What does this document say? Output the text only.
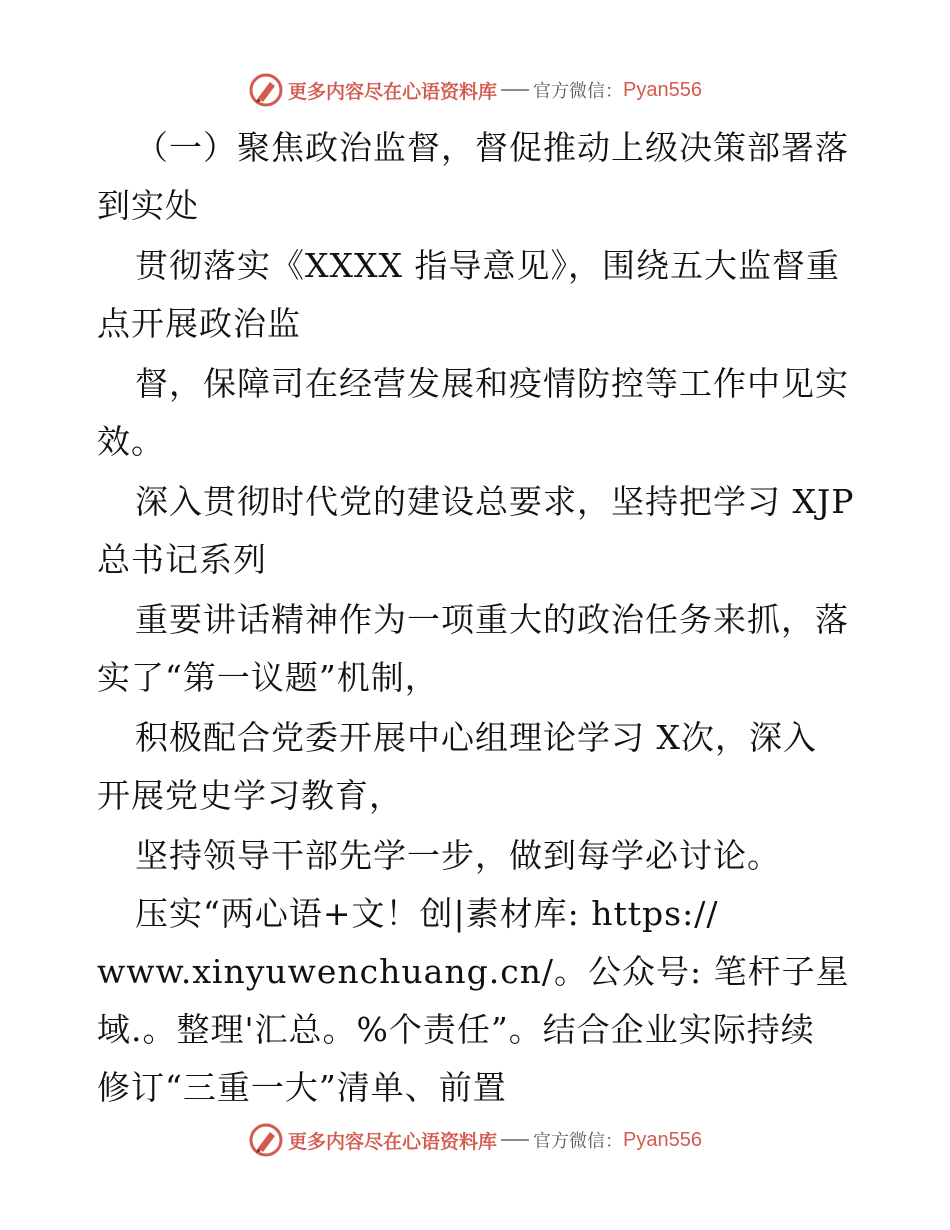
更多内容尽在心语资料库 官方微信： Pyan556
（一）聚焦政治监督，督促推动上级决策部署落
到实处
贯彻落实《XXXX 指导意见》，围绕五大监督重
点开展政治监
督，保障司在经营发展和疫情防控等工作中见实
效。
深入贯彻时代党的建设总要求，坚持把学习 XJP
总书记系列
重要讲话精神作为一项重大的政治任务来抓，落
实了“第一议题”机制，
积极配合党委开展中心组理论学习 X次，深入
开展党史学习教育，
坚持领导干部先学一步，做到每学必讨论。
压实“两心语+文！创|素材库: https://
www.xinyuwenchuang.cn/。公众号: 笔杆子星
域.。整理'汇总。%个责任”。结合企业实际持续
修订“三重一大”清单、前置
更多内容尽在心语资料库 官方微信： Pyan556
